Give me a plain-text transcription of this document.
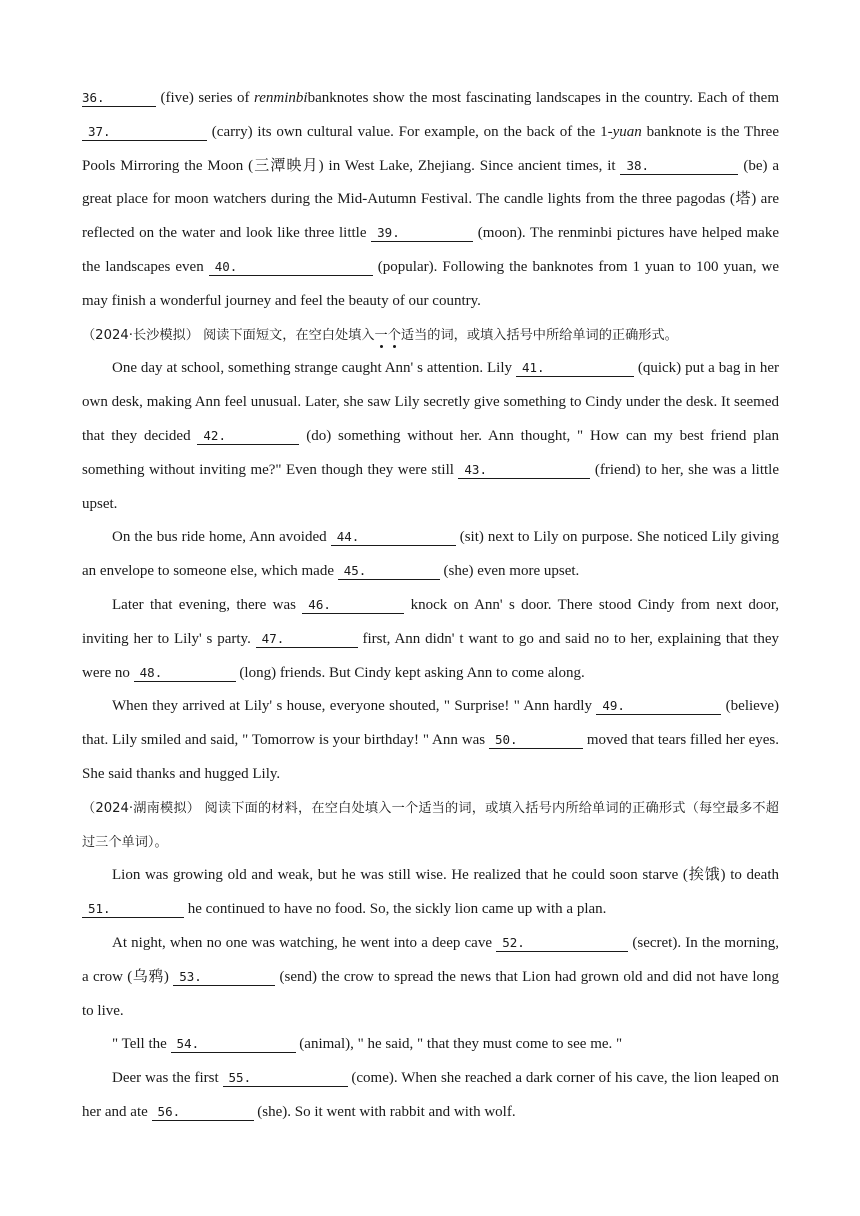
36.	(five) series of renminbibanknotes show the most fascinating landscapes in the country. Each of them 37.	(carry) its own cultural value. For example, on the back of the 1-yuan banknote is the Three Pools Mirroring the Moon (三潭映月) in West Lake, Zhejiang. Since ancient times, it 38.	(be) a great place for moon watchers during the Mid-Autumn Festival. The candle lights from the three pagodas (塔) are reflected on the water and look like three little 39.	(moon). The renminbi pictures have helped make the landscapes even 40.	(popular). Following the banknotes from 1 yuan to 100 yuan, we may finish a wonderful journey and feel the beauty of our country.

（2024·长沙模拟） 阅读下面短文，在空白处填入一个适当的词，或填入括号中所给单词的正确形式。

One day at school, something strange caught Ann' s attention. Lily 41.	(quick) put a bag in her own desk, making Ann feel unusual. Later, she saw Lily secretly give something to Cindy under the desk. It seemed that they decided 42.	(do) something without her. Ann thought, " How can my best friend plan something without inviting me?" Even though they were still 43.	(friend) to her, she was a little upset.

On the bus ride home, Ann avoided 44.	(sit) next to Lily on purpose. She noticed Lily giving an envelope to someone else, which made 45.	(she) even more upset.

Later that evening, there was 46.	knock on Ann' s door. There stood Cindy from next door, inviting her to Lily' s party. 47.	first, Ann didn' t want to go and said no to her, explaining that they were no 48.	(long) friends. But Cindy kept asking Ann to come along.

When they arrived at Lily' s house, everyone shouted, " Surprise! " Ann hardly 49.	(believe) that. Lily smiled and said, " Tomorrow is your birthday! " Ann was 50.	moved that tears filled her eyes. She said thanks and hugged Lily.

（2024·湖南模拟） 阅读下面的材料，在空白处填入一个适当的词，或填入括号内所给单词的正确形式（每空最多不超过三个单词）。

Lion was growing old and weak, but he was still wise. He realized that he could soon starve (挨饿) to death 51.	he continued to have no food. So, the sickly lion came up with a plan.

At night, when no one was watching, he went into a deep cave 52.	(secret). In the morning, a crow (乌鸦) 53.	(send) the crow to spread the news that Lion had grown old and did not have long to live.

" Tell the 54.	(animal), " he said, " that they must come to see me. "

Deer was the first 55.	(come). When she reached a dark corner of his cave, the lion leaped on her and ate 56.	(she). So it went with rabbit and with wolf.
